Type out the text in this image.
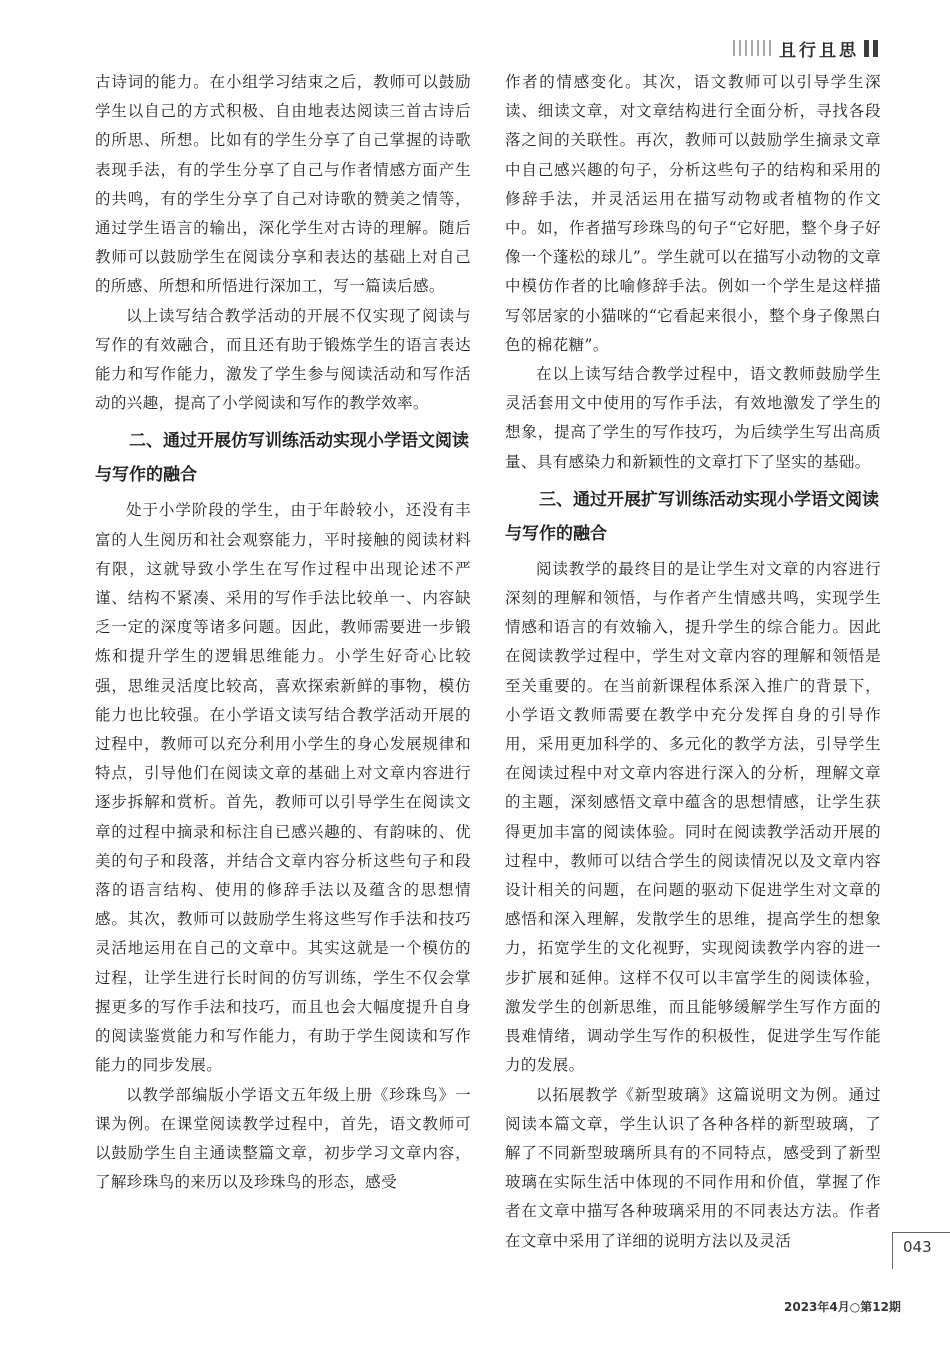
且行且思

古诗词的能力。在小组学习结束之后，教师可以鼓励学生以自己的方式积极、自由地表达阅读三首古诗后的所思、所想。比如有的学生分享了自己掌握的诗歌表现手法，有的学生分享了自己与作者情感方面产生的共鸣，有的学生分享了自己对诗歌的赞美之情等，通过学生语言的输出，深化学生对古诗的理解。随后教师可以鼓励学生在阅读分享和表达的基础上对自己的所感、所想和所悟进行深加工，写一篇读后感。

以上读写结合教学活动的开展不仅实现了阅读与写作的有效融合，而且还有助于锻炼学生的语言表达能力和写作能力，激发了学生参与阅读活动和写作活动的兴趣，提高了小学阅读和写作的教学效率。

二、通过开展仿写训练活动实现小学语文阅读与写作的融合

处于小学阶段的学生，由于年龄较小，还没有丰富的人生阅历和社会观察能力，平时接触的阅读材料有限，这就导致小学生在写作过程中出现论述不严谨、结构不紧凑、采用的写作手法比较单一、内容缺乏一定的深度等诸多问题。因此，教师需要进一步锻炼和提升学生的逻辑思维能力。小学生好奇心比较强，思维灵活度比较高，喜欢探索新鲜的事物，模仿能力也比较强。在小学语文读写结合教学活动开展的过程中，教师可以充分利用小学生的身心发展规律和特点，引导他们在阅读文章的基础上对文章内容进行逐步拆解和赏析。首先，教师可以引导学生在阅读文章的过程中摘录和标注自已感兴趣的、有韵味的、优美的句子和段落，并结合文章内容分析这些句子和段落的语言结构、使用的修辞手法以及蕴含的思想情感。其次，教师可以鼓励学生将这些写作手法和技巧灵活地运用在自己的文章中。其实这就是一个模仿的过程，让学生进行长时间的仿写训练，学生不仅会掌握更多的写作手法和技巧，而且也会大幅度提升自身的阅读鉴赏能力和写作能力，有助于学生阅读和写作能力的同步发展。

以教学部编版小学语文五年级上册《珍珠鸟》一课为例。在课堂阅读教学过程中，首先，语文教师可以鼓励学生自主通读整篇文章，初步学习文章内容，了解珍珠鸟的来历以及珍珠鸟的形态，感受

作者的情感变化。其次，语文教师可以引导学生深读、细读文章，对文章结构进行全面分析，寻找各段落之间的关联性。再次，教师可以鼓励学生摘录文章中自己感兴趣的句子，分析这些句子的结构和采用的修辞手法，并灵活运用在描写动物或者植物的作文中。如，作者描写珍珠鸟的句子“它好肥，整个身子好像一个蓬松的球儿”。学生就可以在描写小动物的文章中模仿作者的比喻修辞手法。例如一个学生是这样描写邻居家的小猫咪的“它看起来很小，整个身子像黑白色的棉花糖”。

在以上读写结合教学过程中，语文教师鼓励学生灵活套用文中使用的写作手法，有效地激发了学生的想象，提高了学生的写作技巧，为后续学生写出高质量、具有感染力和新颖性的文章打下了坚实的基础。

三、通过开展扩写训练活动实现小学语文阅读与写作的融合

阅读教学的最终目的是让学生对文章的内容进行深刻的理解和领悟，与作者产生情感共鸣，实现学生情感和语言的有效输入，提升学生的综合能力。因此在阅读教学过程中，学生对文章内容的理解和领悟是至关重要的。在当前新课程体系深入推广的背景下，小学语文教师需要在教学中充分发挥自身的引导作用，采用更加科学的、多元化的教学方法，引导学生在阅读过程中对文章内容进行深入的分析，理解文章的主题，深刻感悟文章中蕴含的思想情感，让学生获得更加丰富的阅读体验。同时在阅读教学活动开展的过程中，教师可以结合学生的阅读情况以及文章内容设计相关的问题，在问题的驱动下促进学生对文章的感悟和深入理解，发散学生的思维，提高学生的想象力，拓宽学生的文化视野，实现阅读教学内容的进一步扩展和延伸。这样不仅可以丰富学生的阅读体验，激发学生的创新思维，而且能够缓解学生写作方面的畏难情绪，调动学生写作的积极性，促进学生写作能力的发展。

以拓展教学《新型玻璃》这篇说明文为例。通过阅读本篇文章，学生认识了各种各样的新型玻璃，了解了不同新型玻璃所具有的不同特点，感受到了新型玻璃在实际生活中体现的不同作用和价值，掌握了作者在文章中描写各种玻璃采用的不同表达方法。作者在文章中采用了详细的说明方法以及灵活	043
2023年4月○第12期
